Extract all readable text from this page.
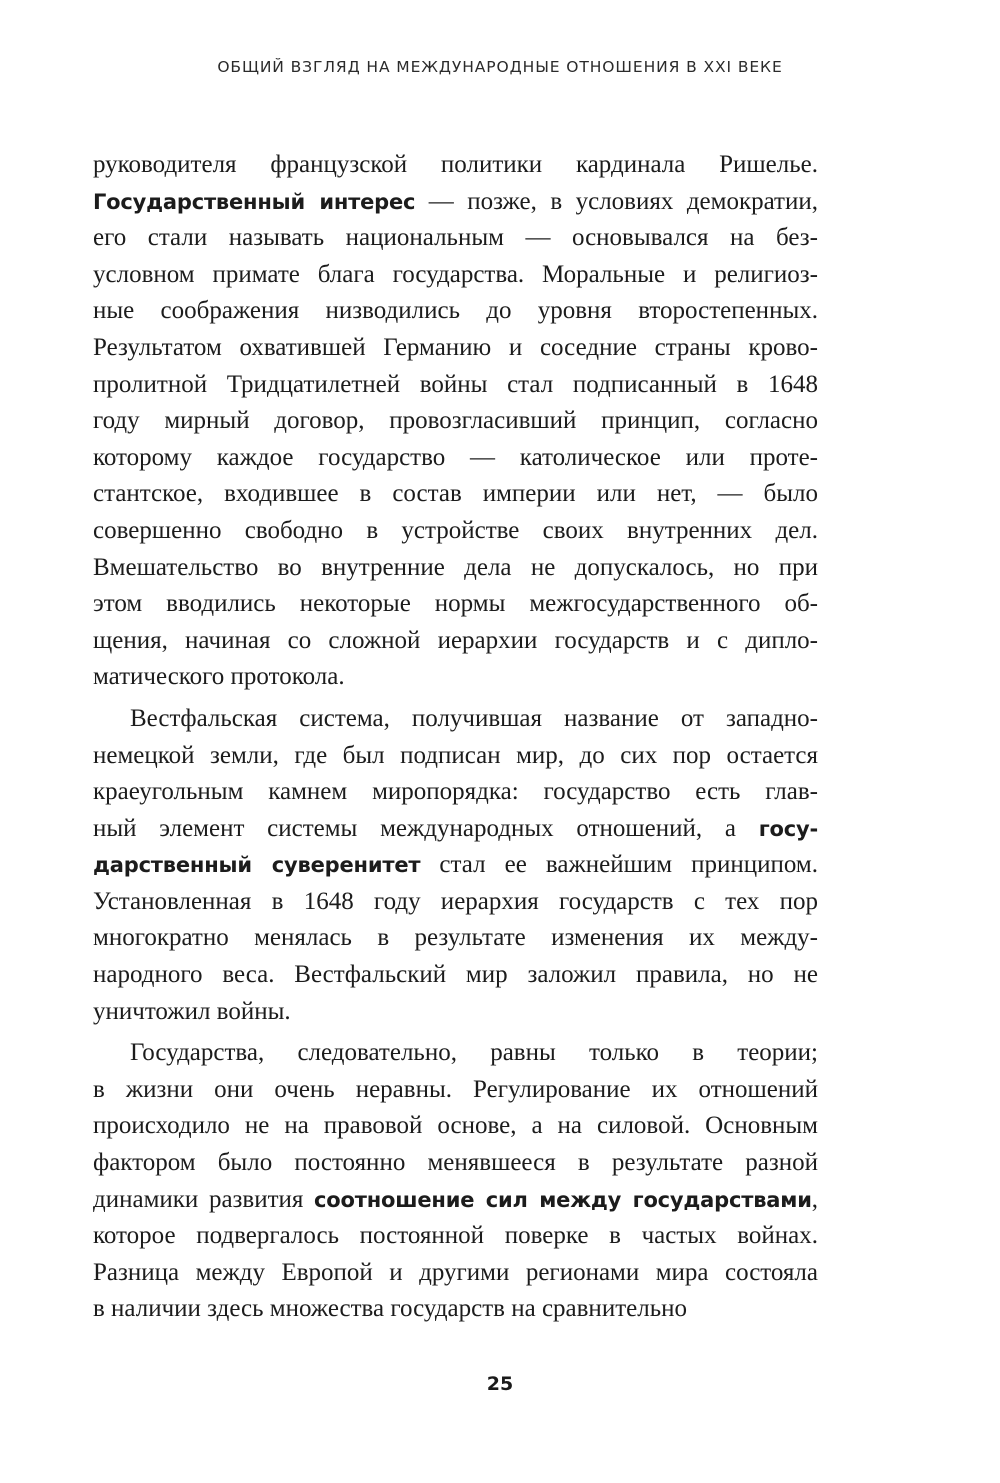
ОБЩИЙ ВЗГЛЯД НА МЕЖДУНАРОДНЫЕ ОТНОШЕНИЯ В XXI ВЕКЕ
руководителя французской политики кардинала Ришелье.
Государственный интерес — позже, в условиях демократии,
его стали называть национальным — основывался на без-
условном примате блага государства. Моральные и религиоз-
ные соображения низводились до уровня второстепенных.
Результатом охватившей Германию и соседние страны крово-
пролитной Тридцатилетней войны стал подписанный в 1648
году мирный договор, провозгласивший принцип, согласно
которому каждое государство — католическое или проте-
стантское, входившее в состав империи или нет, — было
совершенно свободно в устройстве своих внутренних дел.
Вмешательство во внутренние дела не допускалось, но при
этом вводились некоторые нормы межгосударственного об-
щения, начиная со сложной иерархии государств и с дипло-
матического протокола.
Вестфальская система, получившая название от западно-
немецкой земли, где был подписан мир, до сих пор остается
краеугольным камнем миропорядка: государство есть глав-
ный элемент системы международных отношений, а госу-
дарственный суверенитет стал ее важнейшим принципом.
Установленная в 1648 году иерархия государств с тех пор
многократно менялась в результате изменения их между-
народного веса. Вестфальский мир заложил правила, но не
уничтожил войны.
Государства, следовательно, равны только в теории;
в жизни они очень неравны. Регулирование их отношений
происходило не на правовой основе, а на силовой. Основным
фактором было постоянно менявшееся в результате разной
динамики развития соотношение сил между государствами,
которое подвергалось постоянной поверке в частых войнах.
Разница между Европой и другими регионами мира состояла
в наличии здесь множества государств на сравнительно
25
